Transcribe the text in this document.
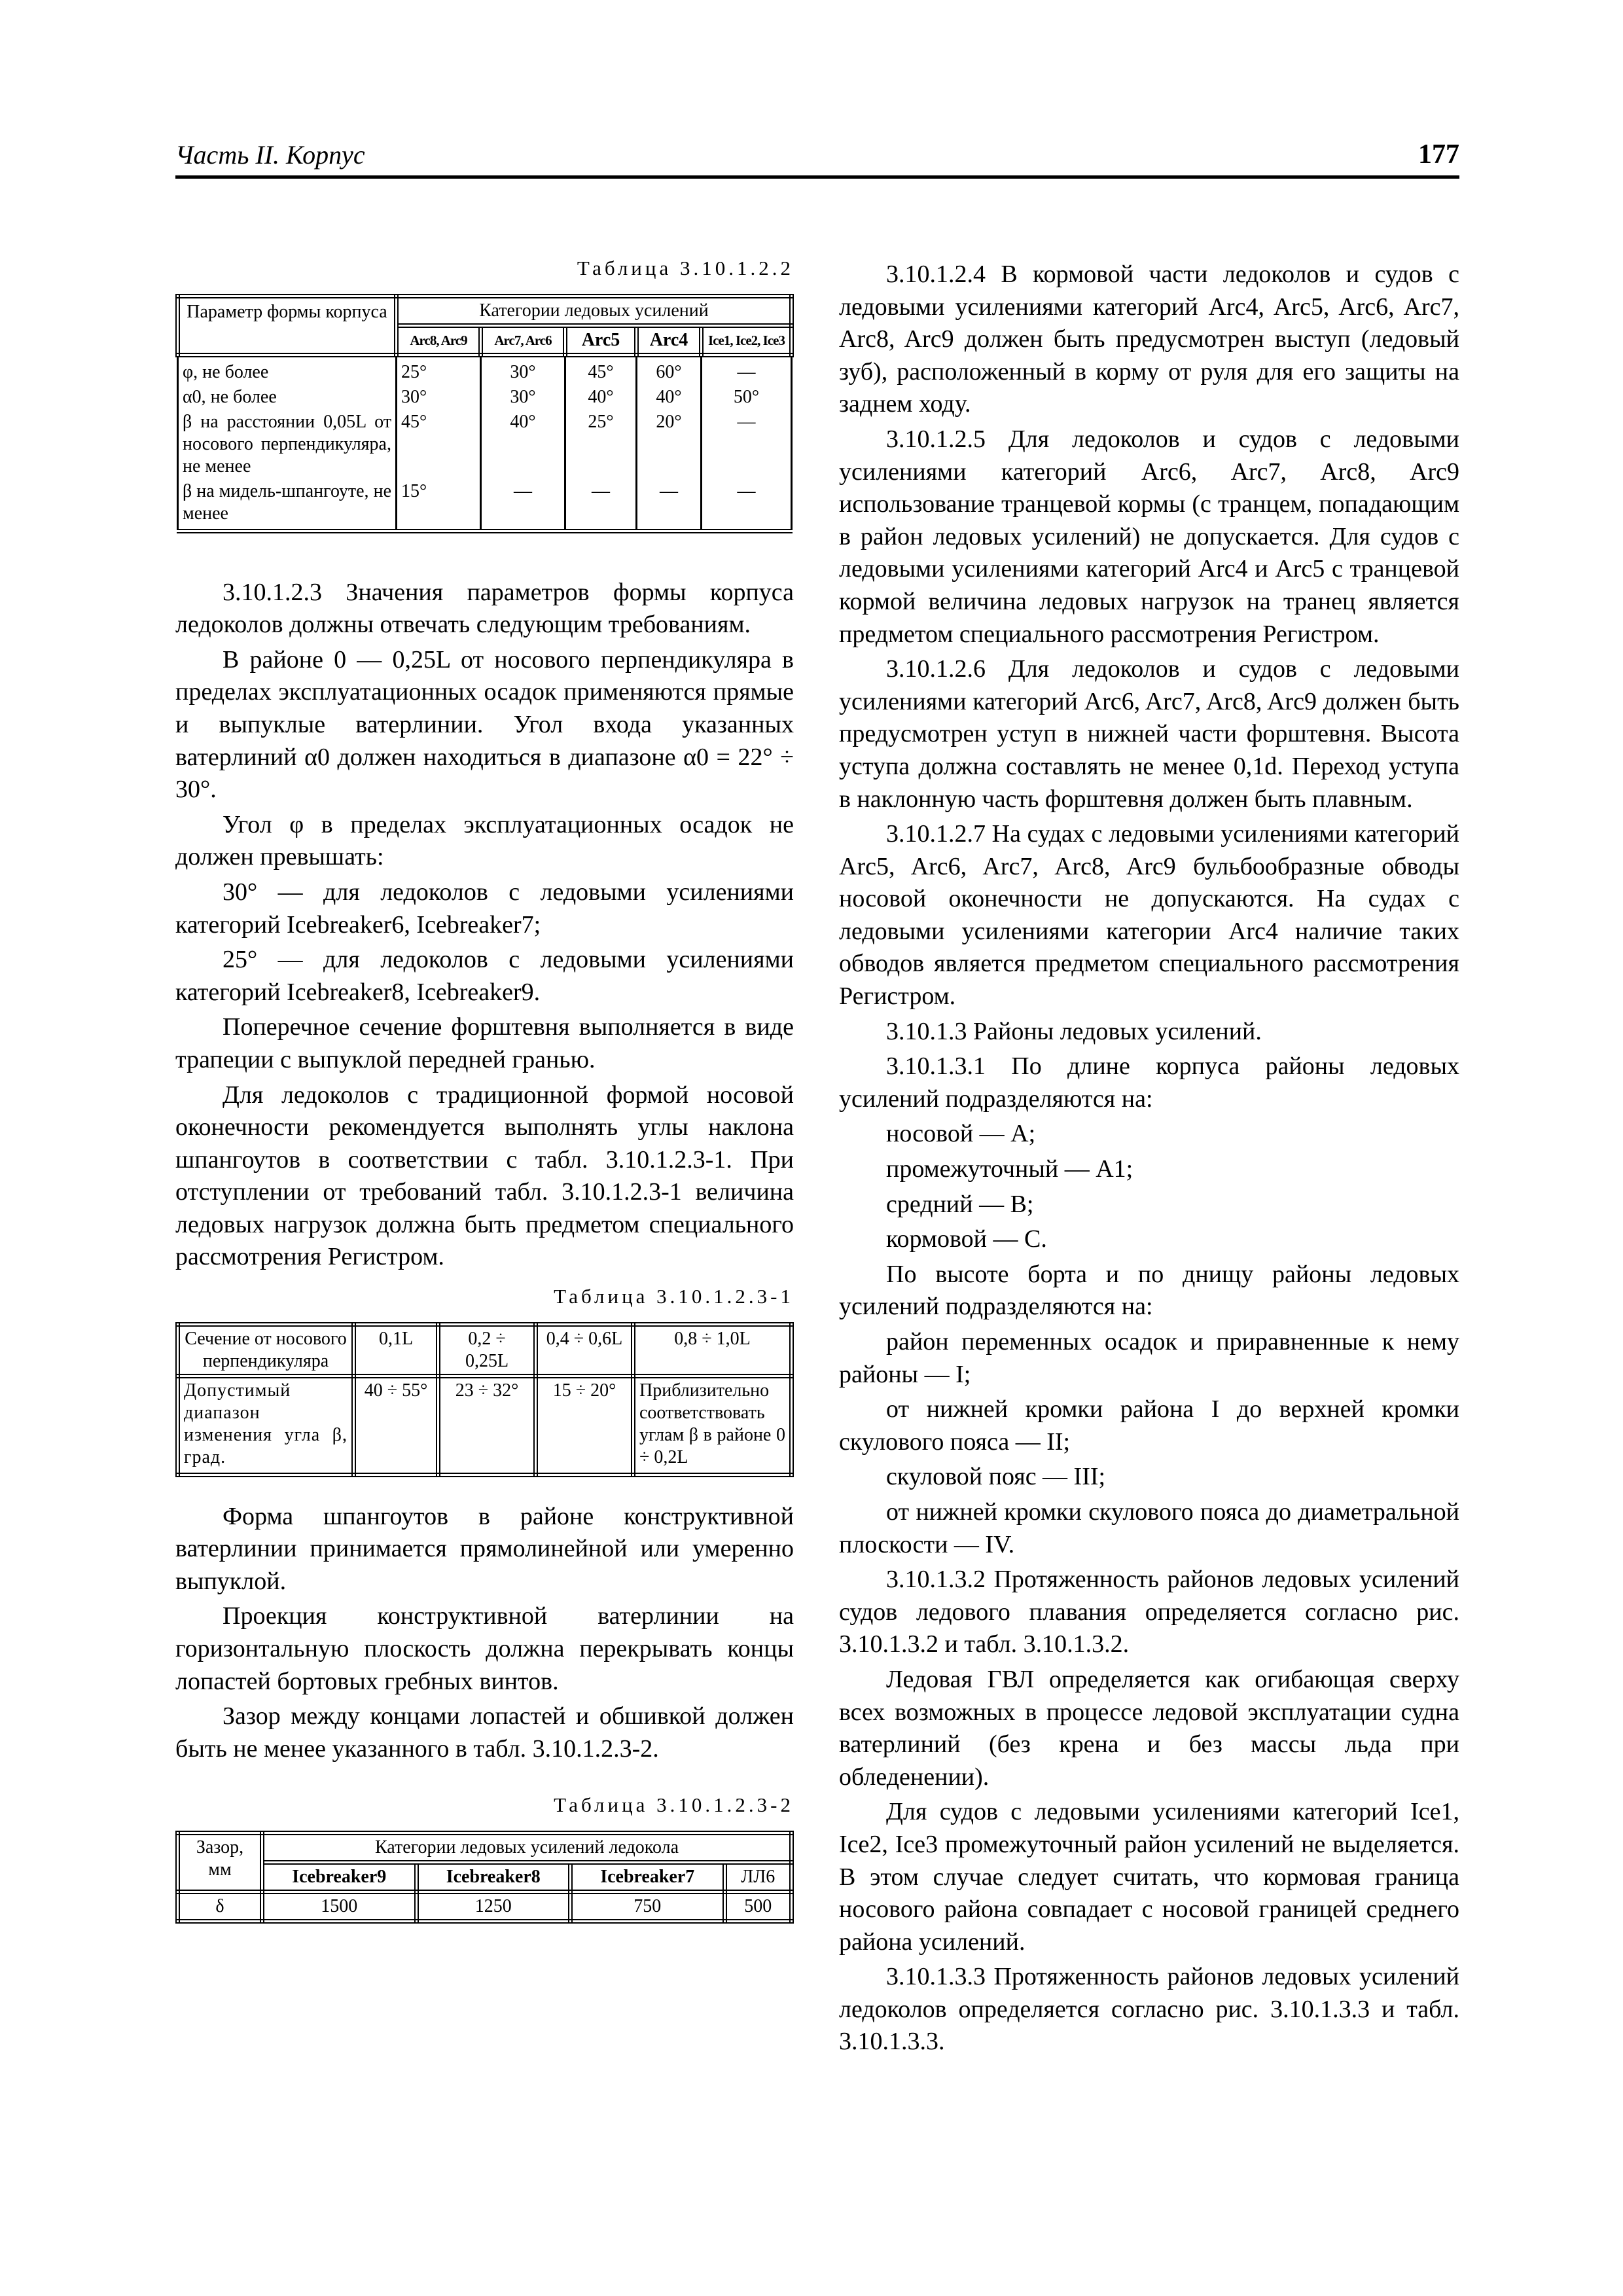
Часть II. Корпус	177
Таблица 3.10.1.2.2
Параметр формы корпуса	Категории ледовых усилений				
	Arc8, Arc9	Arc7, Arc6	Arc5	Arc4	Ice1, Ice2, Ice3

φ, не более	25°	30°	45°	60°	—

α0, не более	30°	30°	40°	40°	50°

β на расстоянии 0,05L от носового перпендикуляра, не менее	45°	40°	25°	20°	—

β на мидель-шпангоуте, не менее	15°	—	—	—	—

3.10.1.2.3 Значения параметров формы корпуса ледоколов должны отвечать следующим требованиям.

В районе 0 — 0,25L от носового перпендикуляра в пределах эксплуатационных осадок применяются прямые и выпуклые ватерлинии. Угол входа указанных ватерлиний α0 должен находиться в диапазоне α0 = 22° ÷ 30°.

Угол φ в пределах эксплуатационных осадок не должен превышать:

30° — для ледоколов с ледовыми усилениями категорий Icebreaker6, Icebreaker7;

25° — для ледоколов с ледовыми усилениями категорий Icebreaker8, Icebreaker9.

Поперечное сечение форштевня выполняется в виде трапеции с выпуклой передней гранью.

Для ледоколов с традиционной формой носовой оконечности рекомендуется выполнять углы наклона шпангоутов в соответствии с табл. 3.10.1.2.3-1. При отступлении от требований табл. 3.10.1.2.3-1 величина ледовых нагрузок должна быть предметом специального рассмотрения Регистром.

Таблица 3.10.1.2.3-1
Сечение от носового перпендикуляра	0,1L	0,2 ÷ 0,25L	0,4 ÷ 0,6L	0,8 ÷ 1,0L
Допустимый диапазон изменения угла β, град.	40 ÷ 55°	23 ÷ 32°	15 ÷ 20°	Приблизительно соответствовать углам β в районе 0 ÷ 0,2L

Форма шпангоутов в районе конструктивной ватерлинии принимается прямолинейной или умеренно выпуклой.

Проекция конструктивной ватерлинии на горизонтальную плоскость должна перекрывать концы лопастей бортовых гребных винтов.

Зазор между концами лопастей и обшивкой должен быть не менее указанного в табл. 3.10.1.2.3-2.

Таблица 3.10.1.2.3-2
Зазор, мм	Категории ледовых усилений ледокола			
	Icebreaker9	Icebreaker8	Icebreaker7	ЛЛ6
δ	1500	1250	750	500

3.10.1.2.4 В кормовой части ледоколов и судов с ледовыми усилениями категорий Arc4, Arc5, Arc6, Arc7, Arc8, Arc9 должен быть предусмотрен выступ (ледовый зуб), расположенный в корму от руля для его защиты на заднем ходу.

3.10.1.2.5 Для ледоколов и судов с ледовыми усилениями категорий Arc6, Arc7, Arc8, Arc9 использование транцевой кормы (с транцем, попадающим в район ледовых усилений) не допускается. Для судов с ледовыми усилениями категорий Arc4 и Arc5 с транцевой кормой величина ледовых нагрузок на транец является предметом специального рассмотрения Регистром.

3.10.1.2.6 Для ледоколов и судов с ледовыми усилениями категорий Arc6, Arc7, Arc8, Arc9 должен быть предусмотрен уступ в нижней части форштевня. Высота уступа должна составлять не менее 0,1d. Переход уступа в наклонную часть форштевня должен быть плавным.

3.10.1.2.7 На судах с ледовыми усилениями категорий Arc5, Arc6, Arc7, Arc8, Arc9 бульбообразные обводы носовой оконечности не допускаются. На судах с ледовыми усилениями категории Arc4 наличие таких обводов является предметом специального рассмотрения Регистром.

3.10.1.3 Районы ледовых усилений.

3.10.1.3.1 По длине корпуса районы ледовых усилений подразделяются на:

носовой — A;

промежуточный — A1;

средний — B;

кормовой — C.

По высоте борта и по днищу районы ледовых усилений подразделяются на:

район переменных осадок и приравненные к нему районы — I;

от нижней кромки района I до верхней кромки скулового пояса — II;

скуловой пояс — III;

от нижней кромки скулового пояса до диаметральной плоскости — IV.

3.10.1.3.2 Протяженность районов ледовых усилений судов ледового плавания определяется согласно рис. 3.10.1.3.2 и табл. 3.10.1.3.2.

Ледовая ГВЛ определяется как огибающая сверху всех возможных в процессе ледовой эксплуатации судна ватерлиний (без крена и без массы льда при обледенении).

Для судов с ледовыми усилениями категорий Ice1, Ice2, Ice3 промежуточный район усилений не выделяется. В этом случае следует считать, что кормовая граница носового района совпадает с носовой границей среднего района усилений.

3.10.1.3.3 Протяженность районов ледовых усилений ледоколов определяется согласно рис. 3.10.1.3.3 и табл. 3.10.1.3.3.
